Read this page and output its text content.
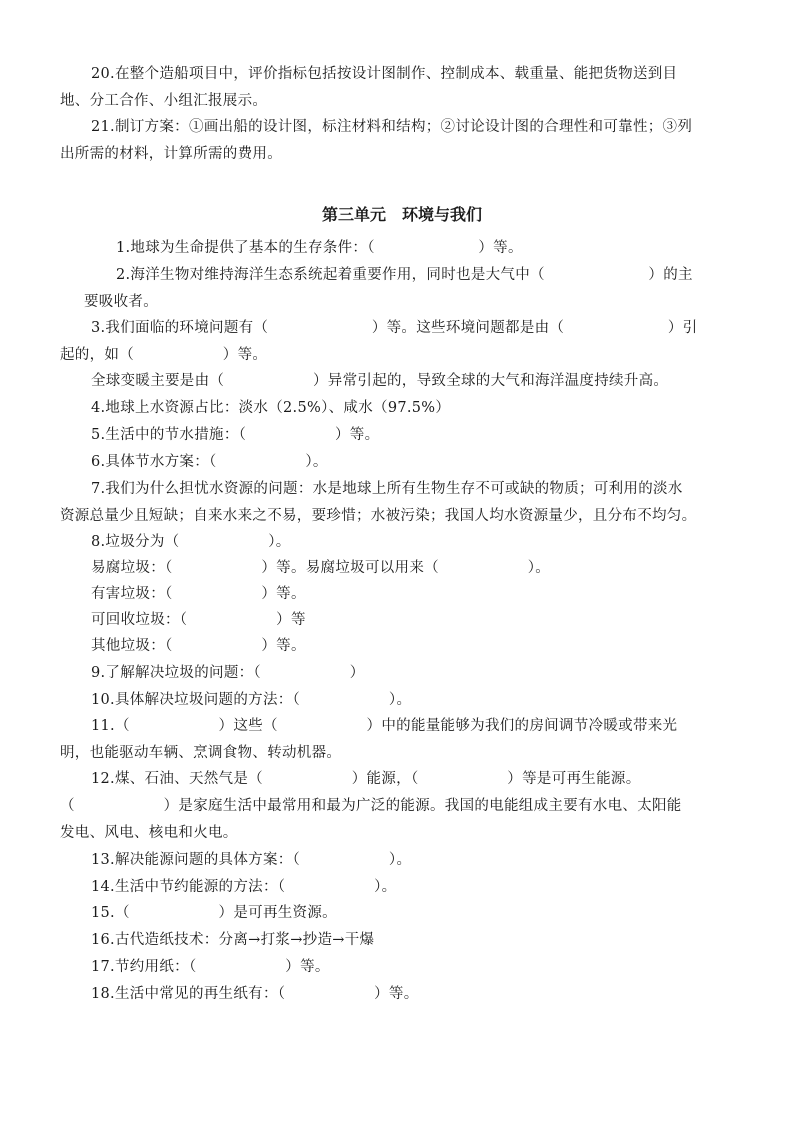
20.在整个造船项目中，评价指标包括按设计图制作、控制成本、载重量、能把货物送到目
地、分工合作、小组汇报展示。
21.制订方案：①画出船的设计图，标注材料和结构；②讨论设计图的合理性和可靠性；③列
出所需的材料，计算所需的费用。
第三单元　环境与我们
1.地球为生命提供了基本的生存条件：（　　　　　　　）等。
2.海洋生物对维持海洋生态系统起着重要作用，同时也是大气中（　　　　　　　）的主
要吸收者。
3.我们面临的环境问题有（　　　　　　　）等。这些环境问题都是由（　　　　　　　）引
起的，如（　　　　　　）等。
全球变暖主要是由（　　　　　　）异常引起的，导致全球的大气和海洋温度持续升高。
4.地球上水资源占比：淡水（2.5%）、咸水（97.5%）
5.生活中的节水措施：（　　　　　　）等。
6.具体节水方案：（　　　　　　）。
7.我们为什么担忧水资源的问题：水是地球上所有生物生存不可或缺的物质；可利用的淡水
资源总量少且短缺；自来水来之不易，要珍惜；水被污染；我国人均水资源量少，且分布不均匀。
8.垃圾分为（　　　　　　）。
易腐垃圾：（　　　　　　）等。易腐垃圾可以用来（　　　　　　）。
有害垃圾：（　　　　　　）等。
可回收垃圾：（　　　　　　）等
其他垃圾：（　　　　　　）等。
9.了解解决垃圾的问题：（　　　　　　）
10.具体解决垃圾问题的方法：（　　　　　　）。
11.（　　　　　　）这些（　　　　　　）中的能量能够为我们的房间调节冷暖或带来光
明，也能驱动车辆、烹调食物、转动机器。
12.煤、石油、天然气是（　　　　　　）能源，（　　　　　　）等是可再生能源。
（　　　　　　）是家庭生活中最常用和最为广泛的能源。我国的电能组成主要有水电、太阳能
发电、风电、核电和火电。
13.解决能源问题的具体方案：（　　　　　　）。
14.生活中节约能源的方法：（　　　　　　）。
15.（　　　　　　）是可再生资源。
16.古代造纸技术：分离→打浆→抄造→干爆
17.节约用纸：（　　　　　　）等。
18.生活中常见的再生纸有：（　　　　　　）等。
